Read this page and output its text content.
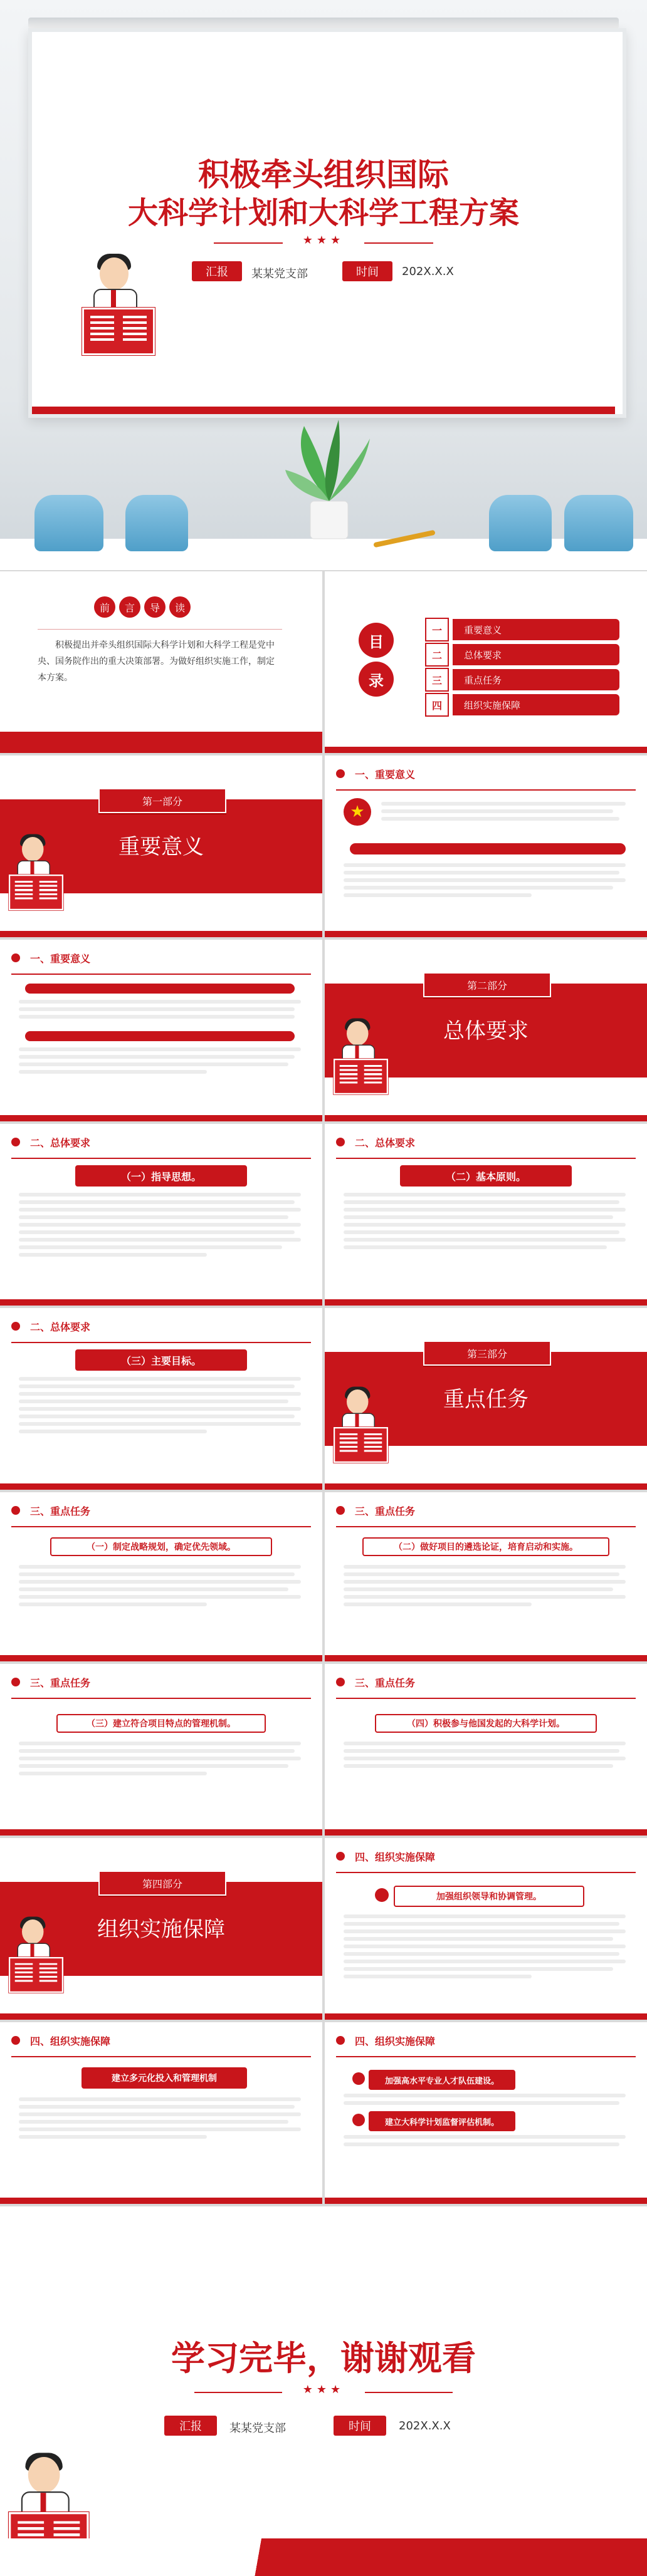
积极牵头组织国际
大科学计划和大科学工程方案
★★★
汇报	某某党支部	时间	202X.X.X
前	言	导	读
积极提出并牵头组织国际大科学计划和大科学工程是党中央、国务院作出的重大决策部署。为做好组织实施工作，制定本方案。
目
录
一	重要意义
二	总体要求
三	重点任务
四	组织实施保障
第一部分
重要意义
一、重要意义
★
一、重要意义
第二部分
总体要求
二、总体要求
（一）指导思想。
二、总体要求
（二）基本原则。
二、总体要求
（三）主要目标。
第三部分
重点任务
三、重点任务
（一）制定战略规划，确定优先领域。
三、重点任务
（二）做好项目的遴选论证，培育启动和实施。
三、重点任务
（三）建立符合项目特点的管理机制。
三、重点任务
（四）积极参与他国发起的大科学计划。
第四部分
组织实施保障
四、组织实施保障
加强组织领导和协调管理。
四、组织实施保障
建立多元化投入和管理机制
四、组织实施保障
加强高水平专业人才队伍建设。
建立大科学计划监督评估机制。
学习完毕，谢谢观看
★★★
汇报	某某党支部	时间	202X.X.X
